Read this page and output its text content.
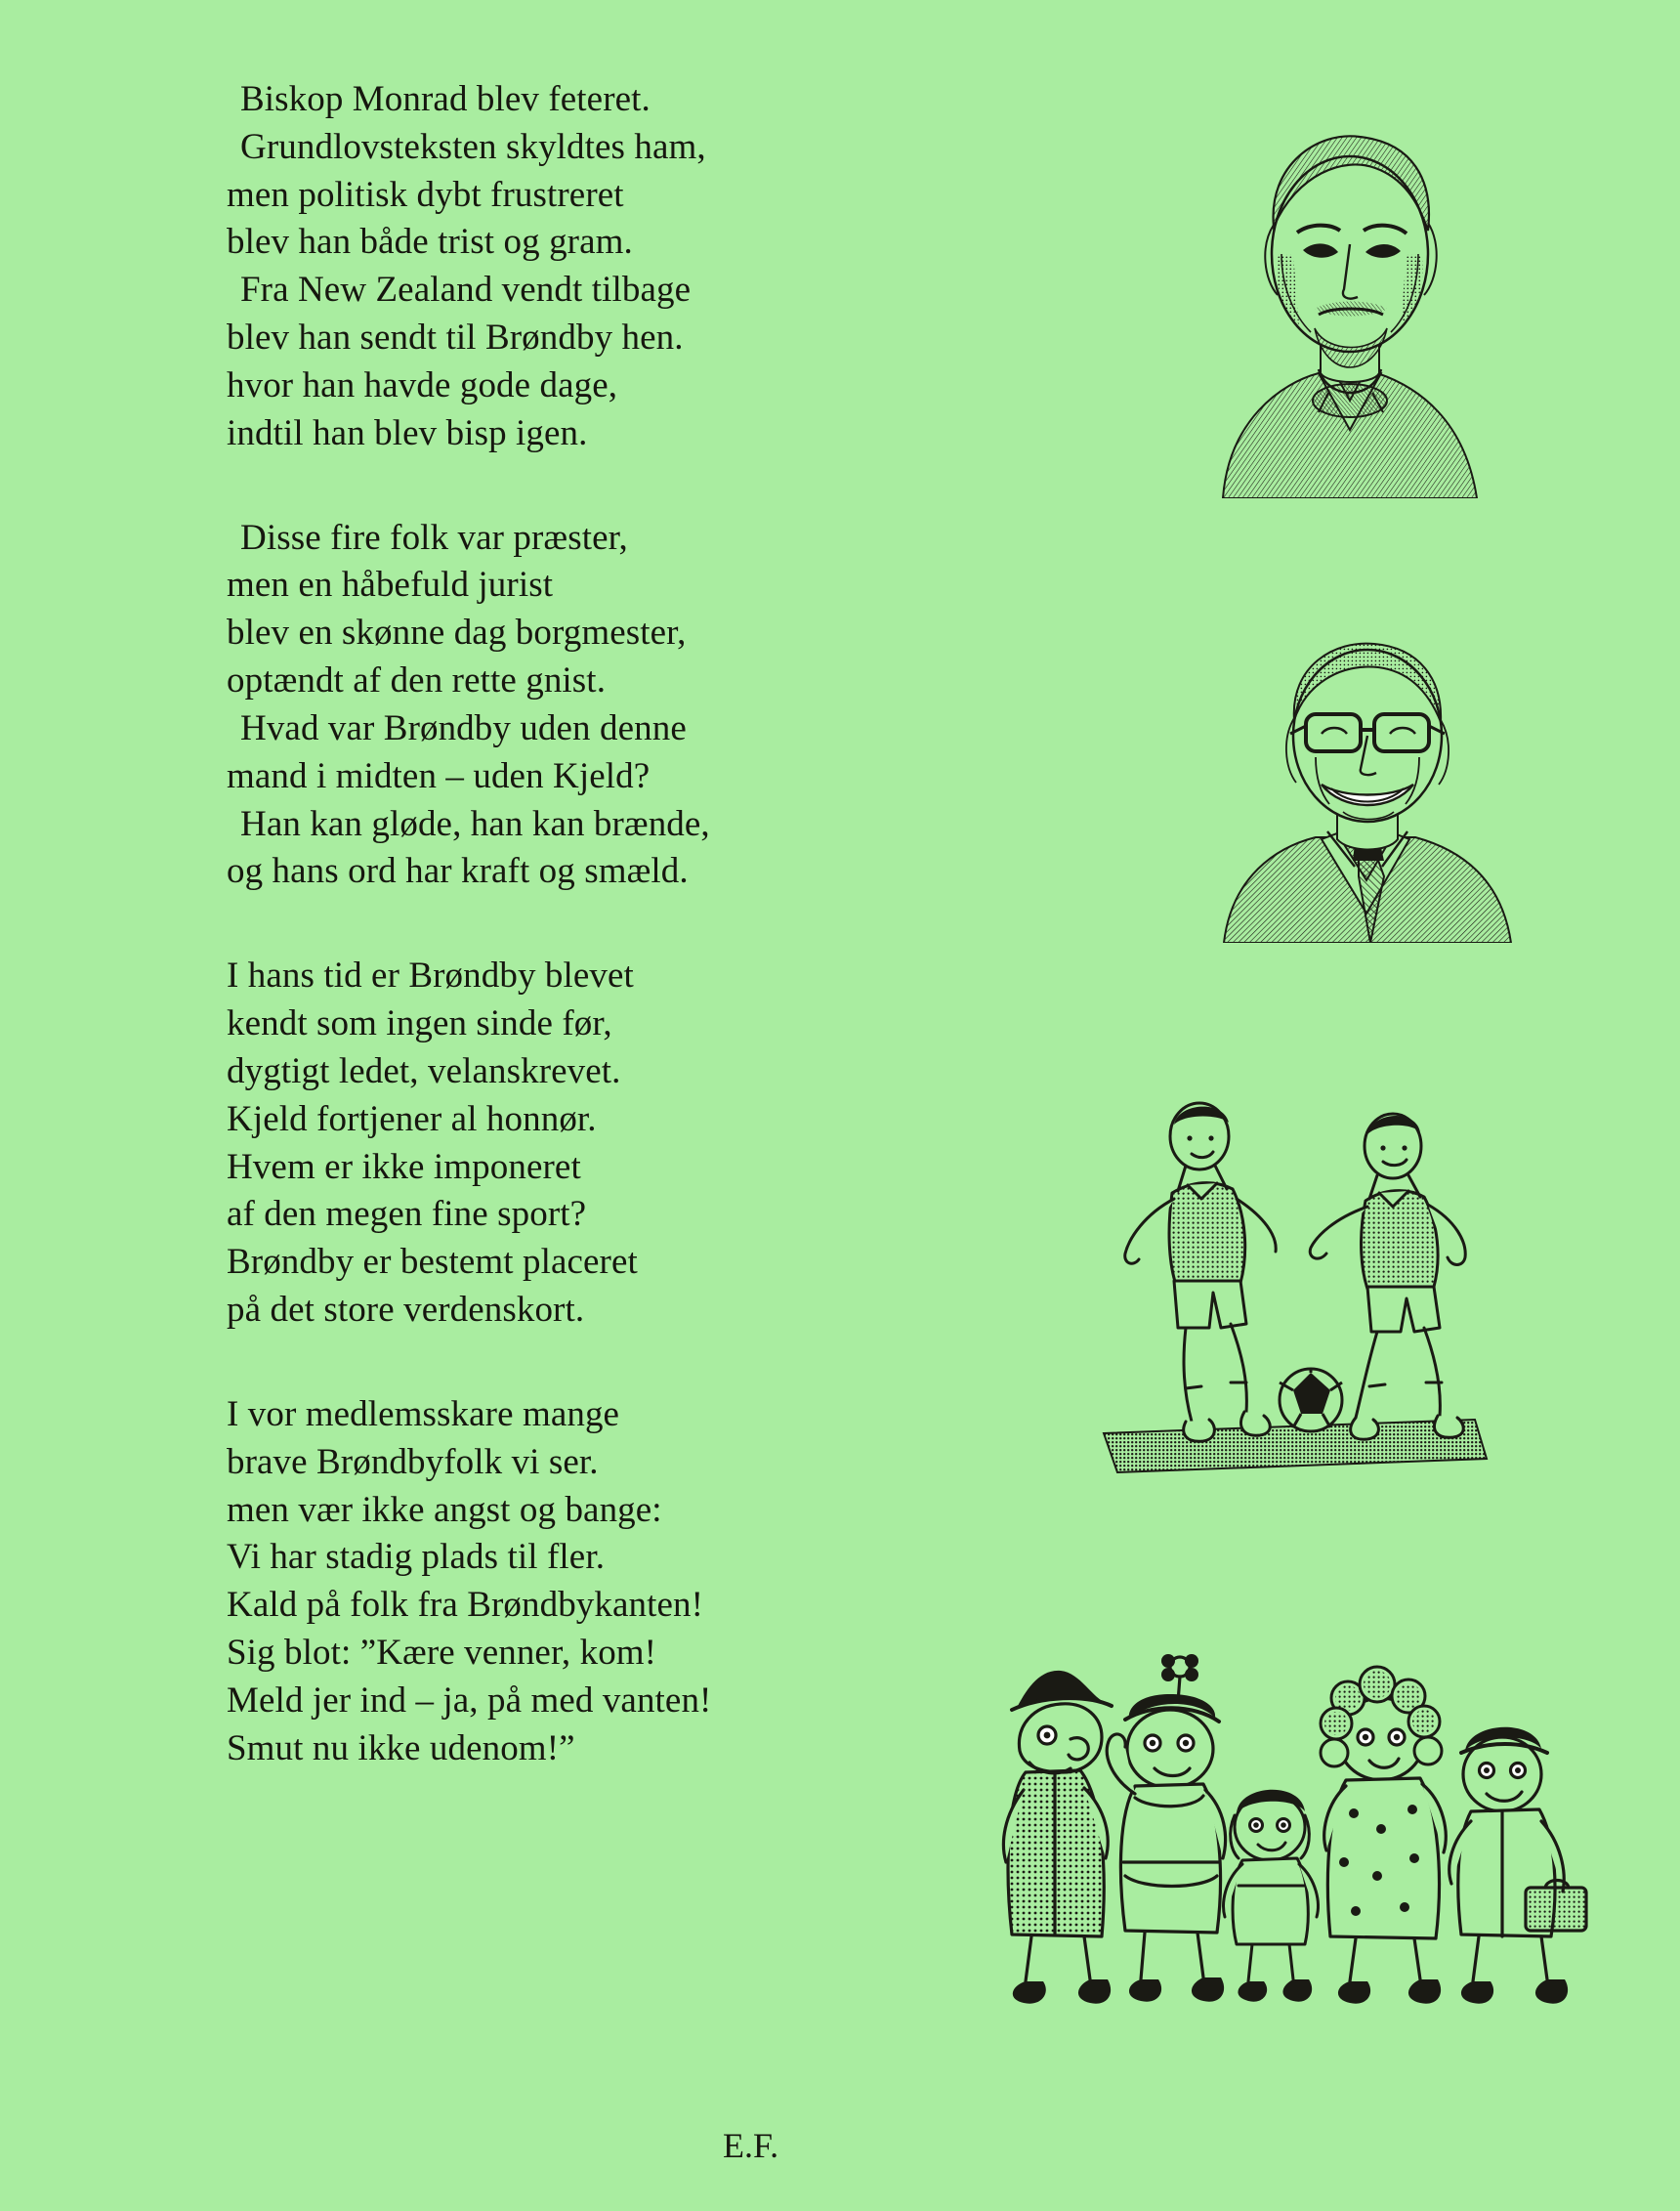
Biskop Monrad blev feteret.
Grundlovsteksten skyldtes ham,
men politisk dybt frustreret
blev han både trist og gram.
Fra New Zealand vendt tilbage
blev han sendt til Brøndby hen.
hvor han havde gode dage,
indtil han blev bisp igen.
Disse fire folk var præster,
men en håbefuld jurist
blev en skønne dag borgmester,
optændt af den rette gnist.
Hvad var Brøndby uden denne
mand i midten – uden Kjeld?
Han kan gløde, han kan brænde,
og hans ord har kraft og smæld.
I hans tid er Brøndby blevet
kendt som ingen sinde før,
dygtigt ledet, velanskrevet.
Kjeld fortjener al honnør.
Hvem er ikke imponeret
af den megen fine sport?
Brøndby er bestemt placeret
på det store verdenskort.
I vor medlemsskare mange
brave Brøndbyfolk vi ser.
men vær ikke angst og bange:
Vi har stadig plads til fler.
Kald på folk fra Brøndbykanten!
Sig blot: ”Kære venner, kom!
Meld jer ind – ja, på med vanten!
Smut nu ikke udenom!”
E.F.
